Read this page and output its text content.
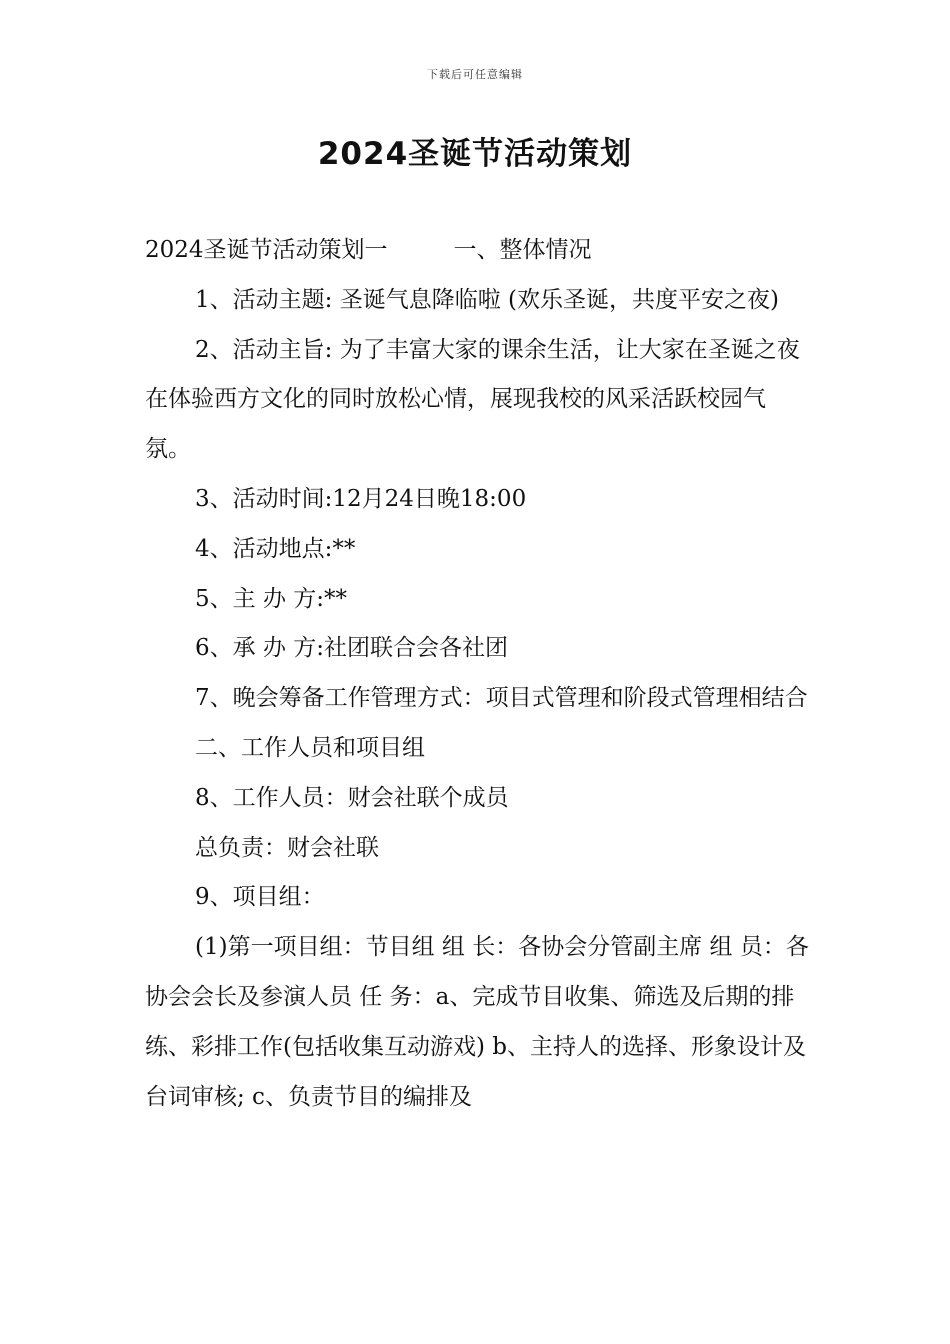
下载后可任意编辑
2024圣诞节活动策划

2024圣诞节活动策划一	一、整体情况

1、活动主题: 圣诞气息降临啦 (欢乐圣诞，共度平安之夜)

2、活动主旨: 为了丰富大家的课余生活，让大家在圣诞之夜在体验西方文化的同时放松心情，展现我校的风采活跃校园气氛。

3、活动时间:12月24日晚18:00

4、活动地点:**

5、主 办 方:**

6、承 办 方:社团联合会各社团

7、晚会筹备工作管理方式：项目式管理和阶段式管理相结合

二、工作人员和项目组

8、工作人员：财会社联个成员

总负责：财会社联

9、项目组：

(1)第一项目组：节目组 组 长：各协会分管副主席 组 员：各协会会长及参演人员 任 务：a、完成节目收集、筛选及后期的排练、彩排工作(包括收集互动游戏) b、主持人的选择、形象设计及台词审核; c、负责节目的编排及
